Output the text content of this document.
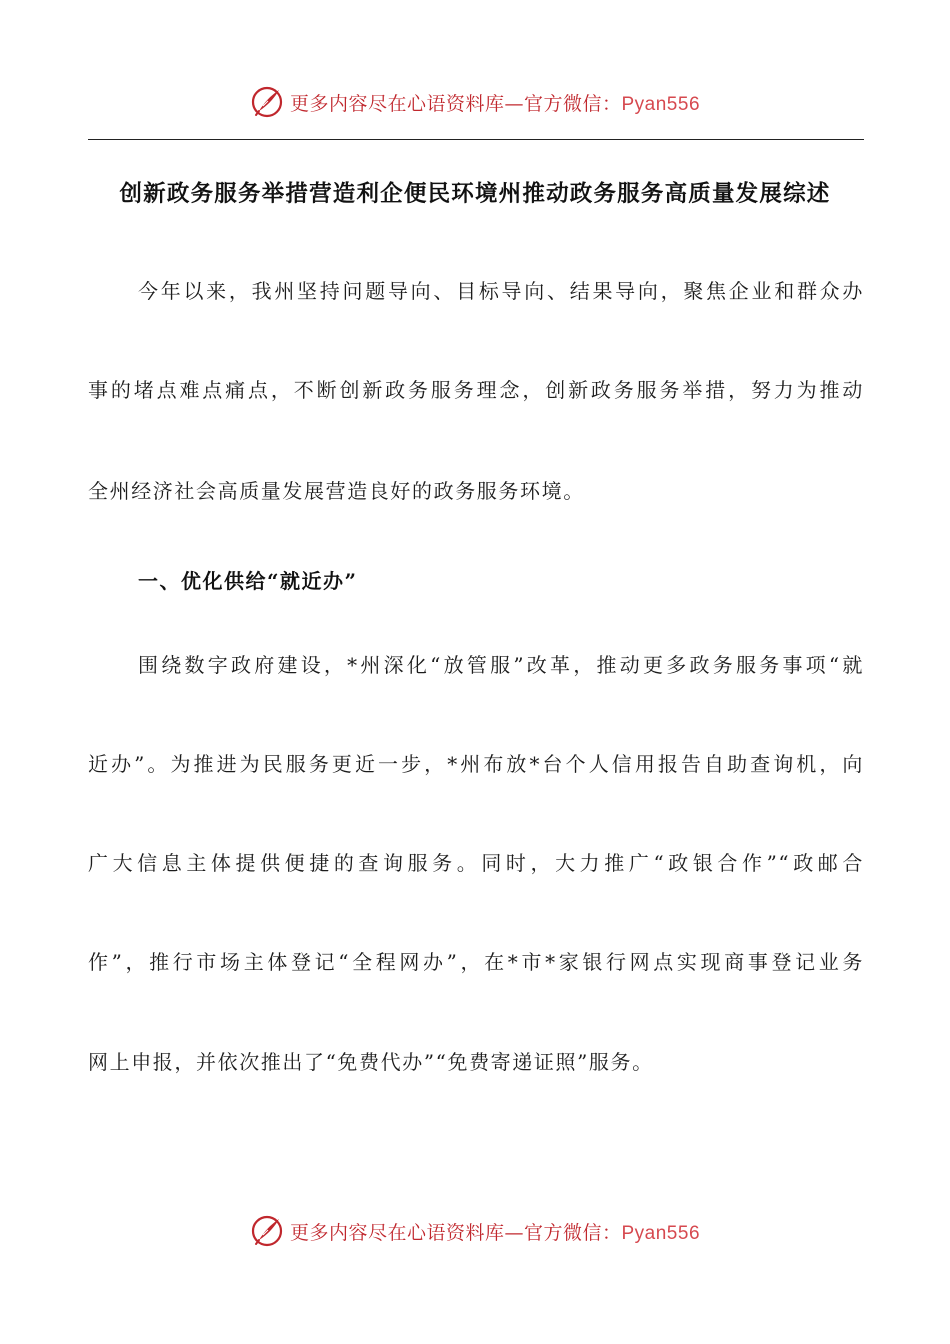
更多内容尽在心语资料库—官方微信：Pyan556
创新政务服务举措营造利企便民环境州推动政务服务高质量发展综述
今年以来，我州坚持问题导向、目标导向、结果导向，聚焦企业和群众办
事的堵点难点痛点，不断创新政务服务理念，创新政务服务举措，努力为推动
全州经济社会高质量发展营造良好的政务服务环境。
一、优化供给“就近办”
围绕数字政府建设，*州深化“放管服”改革，推动更多政务服务事项“就
近办”。为推进为民服务更近一步，*州布放*台个人信用报告自助查询机，向
广大信息主体提供便捷的查询服务。同时，大力推广“政银合作”“政邮合
作”，推行市场主体登记“全程网办”，在*市*家银行网点实现商事登记业务
网上申报，并依次推出了“免费代办”“免费寄递证照”服务。
更多内容尽在心语资料库—官方微信：Pyan556
